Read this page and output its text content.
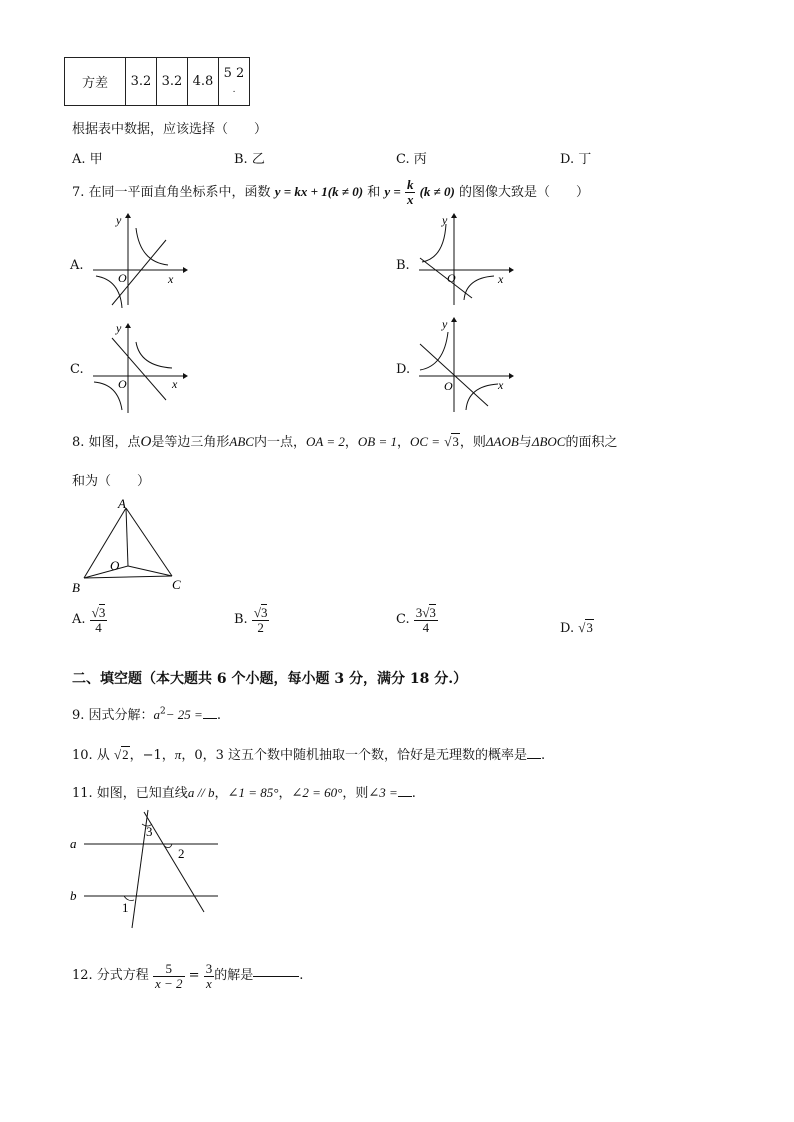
方差	3.2	3.2	4.8	5 2
.
根据表中数据，应该选择（　　）
A. 甲	B. 乙	C. 丙	D. 丁
7. 在同一平面直角坐标系中，函数 y = kx + 1(k ≠ 0) 和 $y = \frac{k}{x} (k \ne 0)$ 的图像大致是（　　）
A.
y
x
O
B.
y
x
O
C.
y
x
O
D.
y
x
O
8. 如图，点O是等边三角形ABC内一点，OA = 2，OB = 1，OC = √3，则ΔAOB与ΔBOC的面积之
和为（　　）
A
B	C
O
A. $\frac{√3}{4}$	B. $\frac{√3}{2}$	C. $\frac{3√3}{4}$	D. √3
二、填空题（本大题共 6 个小题，每小题 3 分，满分 18 分.）
9. 因式分解：$a^2- 25$ = .
10. 从 √2，−1，π，0，3 这五个数中随机抽取一个数，恰好是无理数的概率是 .
11. 如图，已知直线a // b，∠1 = 85°，∠2 = 60°，则∠3 = .
a
b
1
2
3
12. 分式方程 $\frac{5}{x - 2} = \frac{3}{x}$ 的解是	.
